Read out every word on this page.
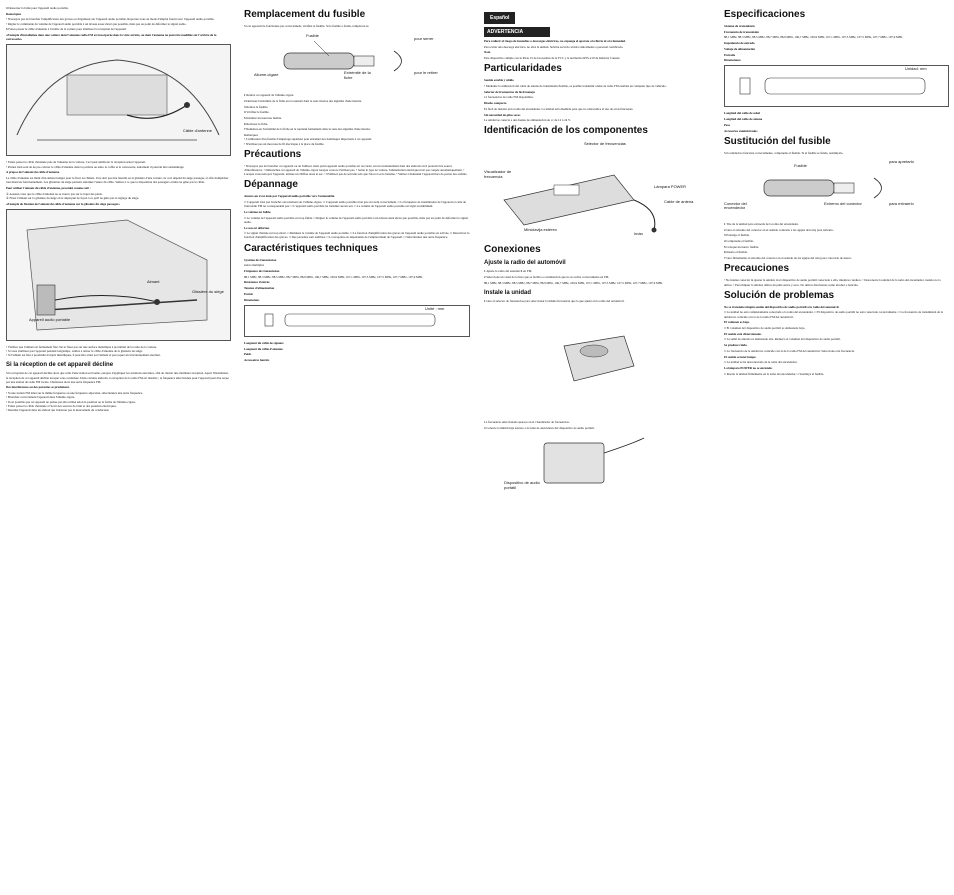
4 Desserrez la bride pour l'appareil audio portable.

Remarques

• N'essayez pas de brancher l'amplificateur des graves ou d'égaliseur sur l'appareil audio portable. Reportez-vous au mode d'emploi fourni avec l'appareil audio portable.
• Réglez le commande du volume de l'appareil audio portable à un niveau assez élevé que possible, mais pas au point de déformer le signal audio.

5 Faites passer le câble d'antenne à l'arrière de la voiture pour améliorer la réception de l'appareil.

«Exemple d'installation dans une voiture dont l'antenne radio FM est incorporée dans la vitre arrière, ou dont l'antenne ne peut être modifiée sur l'arrière de la carrosserie»

Câble d'antenne

• Faites passer le câble d'antenne près de l'antenne de la voiture. Ceci peut améliorer la réception selon l'appareil.
• Prenez bien soin de ne pas coincer le câble d'antenne dans la portière ou entre le coffre et la carrosserie, autrement il pourrait être endommagé.

A propos de l'aimant du câble d'antenne

Le câble d'antenne est muni d'un aimant intégré pour le fixer au châssis. Il ne doit pas être installé ou la glissière d'une voiture car ceci dépend du siège passager, et afin d'empêcher tout mauvais fonctionnement. Les glissières du siège peuvent entraîner l'usure du câble. Veillez à ce que la disposition des passagers arrière ne gêne pas le câble.

Pour utiliser l'aimant du câble d'antenne, procédez comme suit :

① Assurez-vous que le câble d'antenne ne se trouve pas sur le trajet des pieds.
② Fixez l'aimant sur la glissière du siège en le déplaçant de façon à ce qu'il ne gêne pas le réglage du siège.

«Exemple de fixation de l'aimant du câble d'antenne sur la glissière du siège passager»

Appareil audio portable
Aimant
Glissière du siège

• Vérifiez que l'aimant est fermement fixé. Ne le fixez pas sur une surface métallique à proximité de la radio de la voiture.
• Si vous n'utilisez pas l'appareil pendant longtemps, veillez à retirer le câble d'antenne de la glissière du siège.
• Si l'aimant est fixé à proximité d'objets métalliques, il peut être attiré par l'aimant et provoquer un fonctionnement anormal.

Si la réception de cet appareil décline

Si la réception de cet appareil décline alors que celle d'une station est bonne, essayez d'appliquer les solutions suivantes, afin de choisir une meilleure réception. Après l'installation, la réception de cet appareil décline lorsque vous conduisez. Dans certains endroits, la réception de la radio FM est instable ; la fréquence sélectionnée pour l'appareil peut être reçue par une station de radio FM locale. Choisissez alors une autre fréquence FM.

Des interférences ou des parasites se produisent.

• Si une station FM émet sur la même fréquence ou une fréquence adjacente, sélectionnez une autre fréquence.
• Branchez correctement l'appareil dans l'allume-cigare.
• Il est possible que cet appareil ne puisse pas être utilisé selon la position ou la forme de l'allume-cigare.
• Faites passer le câble d'antenne à l'écart des sources de bruit et des parasites électriques.
• Installez l'appareil dans un endroit qui n'obstrue pas le mouvement du conducteur.

Remplacement du fusible

Si cet appareil ne fonctionne pas correctement, vérifiez le fusible. Si le fusible a fondu, remplacez-le.

Fusible
Allume-cigare	Extrémité de la fiche
pour serrer
pour le retirer

1 Retirez cet appareil de l'allume-cigare.

2 Dévissez l'extrémité de la fiche en la tournant dans le sens inverse des aiguilles d'une montre.

3 Retirez le fusible.

4 Vérifiez le fusible.

5 Installez un nouveau fusible.

6 Revissez la fiche.

7 Remettez-en l'extrémité de la fiche en le tournant fermement dans le sens des aiguilles d'une montre.

Remarques
• L'utilisation d'un fusible d'ampérage supérieur peut entraîner des dommages importants à cet appareil.
• N'utilisez pas un morceau de fil électrique à la place du fusible.

Précautions

• N'essayez pas de brancher cet appareil ou de l'utiliser, mais qu'un appareil audio portable est raccordé, sur un stationnement dans des endroits où il pourrait être source d'interférences. • Débranchez cet appareil de l'allume-cigare lorsque vous ne l'utilisez pas. • Selon le type de voiture, l'alimentation électrique n'est pas coupée automatiquement. • Lorsque vous nettoyez l'appareil, utilisez un chiffon doux et sec. • N'utilisez pas de solvants tels que l'alcool ou la benzine. • Veillez à maintenir l'appareil hors de portée des enfants.

Dépannage

Aucun son n'est émis par l'appareil audio portable vers l'automobile.

□ L'appareil n'est pas branché correctement sur l'allume-cigare. □ L'appareil audio portable n'est pas raccordé correctement. □ La fréquence de transmission de l'appareil et celle de l'autoradio FM ne correspondent pas. □ L'appareil audio portable ne transmet aucun son. □ Le volume de l'appareil audio portable est réglé au minimum.

Le volume est faible.

□ Le volume de l'appareil audio portable est trop faible. □ Réglez le volume de l'appareil audio portable à un niveau aussi élevé que possible, mais pas au point de déformer le signal audio.

Le son est déformé.

□ Le signal d'entrée est trop élevé. □ Réduisez le volume de l'appareil audio portable. □ La fonction d'amplification des graves de l'appareil audio portable est activée. □ Désactivez la fonction d'amplification des graves. □ Des parasites sont audibles. □ La réception est dépendante de l'emplacement de l'appareil. □ Sélectionnez une autre fréquence.

Caractéristiques techniques

Système de transmission

stéréo multiplex

Fréquence de transmission

88,1 MHz, 88,3 MHz, 88,5 MHz, 88,7 MHz, 88,9 MHz, 106,7 MHz, 106,9 MHz, 107,1 MHz, 107,3 MHz, 107,5 MHz, 107,7 MHz, 107,9 MHz

Résistance d'entrée

Tension d'alimentation

Entrée

Dimensions

Unité : mm

Longueur du câble de signaux

Longueur du câble d'antenne

Poids

Accessoires fournis

Español
ADVERTENCIA

Para reducir el riesgo de incendios o descargas eléctricas, no exponga el aparato a la lluvia ni a la humedad.

Para evitar una descarga eléctrica, no abra la unidad. Solicite servicio técnico únicamente a personal cualificado.

Nota

Este dispositivo cumple con la Parte 15 de las normas de la FCC y la normativa RSS-210 de Industry Canada.

Particularidades

Sonido estable y nítido

• Mediante la utilización del cable de antena de transmisión flexible, es posible transmitir ondas de radio FM estables en cualquier tipo de vehículo.

Selector de frecuencias de fácil manejo

12 frecuencias de radio FM disponibles.

Diseño compacto

Es fácil de instalar en la toma del encendedor. La unidad está diseñada para que no obstaculice el uso de otras funciones.

Sin necesidad de pilas secas

La unidad se conecta a una fuente de alimentación de cc de 12 ó 24 V.

Identificación de los componentes

Selector de frecuencias
Visualizador de frecuencia
Lámpara POWER
Cable de antena
Miniclavija estéreo
Imán

Conexiones

Ajuste la radio del automóvil

1 Ajuste la radio del automóvil en FM.

2 Seleccione un canal de la lista que se facilita a continuación que no se reciba correctamente en FM.

88,1 MHz, 88,3 MHz, 88,5 MHz, 88,7 MHz, 88,9 MHz, 106,7 MHz, 106,9 MHz, 107,1 MHz, 107,3 MHz, 107,5 MHz, 107,7 MHz, 107,9 MHz

Instale la unidad

1 Gire el selector de frecuencias para seleccionar la misma frecuencia que la que ajustó en la radio del automóvil.

La frecuencia seleccionada aparece en el visualizador de frecuencias.

2 Conecte la miniclavija estéreo a la toma de auriculares del dispositivo de audio portátil.

Dispositivo de audio portátil

Especificaciones

Sistema de transmisión

Frecuencia de transmisión

88,1 MHz, 88,3 MHz, 88,5 MHz, 88,7 MHz, 88,9 MHz, 106,7 MHz, 106,9 MHz, 107,1 MHz, 107,3 MHz, 107,5 MHz, 107,7 MHz, 107,9 MHz

Impedancia de entrada

Voltaje de alimentación

Entrada

Dimensiones

Unidad: mm

Longitud del cable de señal

Longitud del cable de antena

Peso

Accesorios suministrados

Sustitución del fusible

Si la unidad no funciona correctamente, compruebe el fusible. Si el fusible se funde, sustitúyalo.

Fusible
para apretarlo
para extraerlo
Conector del encendedor
Extremo del conector

1 Tire de la unidad para extraerla de la toma del encendedor.

2 Gire el extremo del conector en el sentido contrario a las agujas del reloj para retirarlo.

3 Extraiga el fusible.

4 Compruebe el fusible.

5 Coloque un nuevo fusible.

6 Inserte el fusible.

7 Gire firmemente el extremo del conector en el sentido de las agujas del reloj para colocarlo de nuevo.

Precauciones

• No intente conectar ni ajustar la unidad, ni el dispositivo de audio portátil conectado a ella, mientras conduce. • Desconecte la unidad de la toma del encendedor cuando no la utilice. • Para limpiar la unidad, utilice un paño suave y seco. No utilice disolventes como alcohol o bencina.

Solución de problemas

No se transmite ningún sonido del dispositivo de audio portátil a la radio del automóvil.

□ La unidad no está completamente conectada a la toma del encendedor. □ El dispositivo de audio portátil no está conectado correctamente. □ La frecuencia de transmisión de la unidad no coincide con la de la radio FM del automóvil.

El volumen es bajo.

□ El volumen del dispositivo de audio portátil es demasiado bajo.

El sonido está distorsionado.

□ La señal de entrada es demasiado alta. Reduzca el volumen del dispositivo de audio portátil.

Se produce ruido.

□ La frecuencia de la unidad no coincide con la de la radio FM del automóvil. Seleccione otra frecuencia.

El sonido se interrumpe.

□ La unidad se ha desconectado de la toma del encendedor.

La lámpara POWER no se enciende.

□ Inserte la unidad firmemente en la toma del encendedor. □ Sustituya el fusible.
